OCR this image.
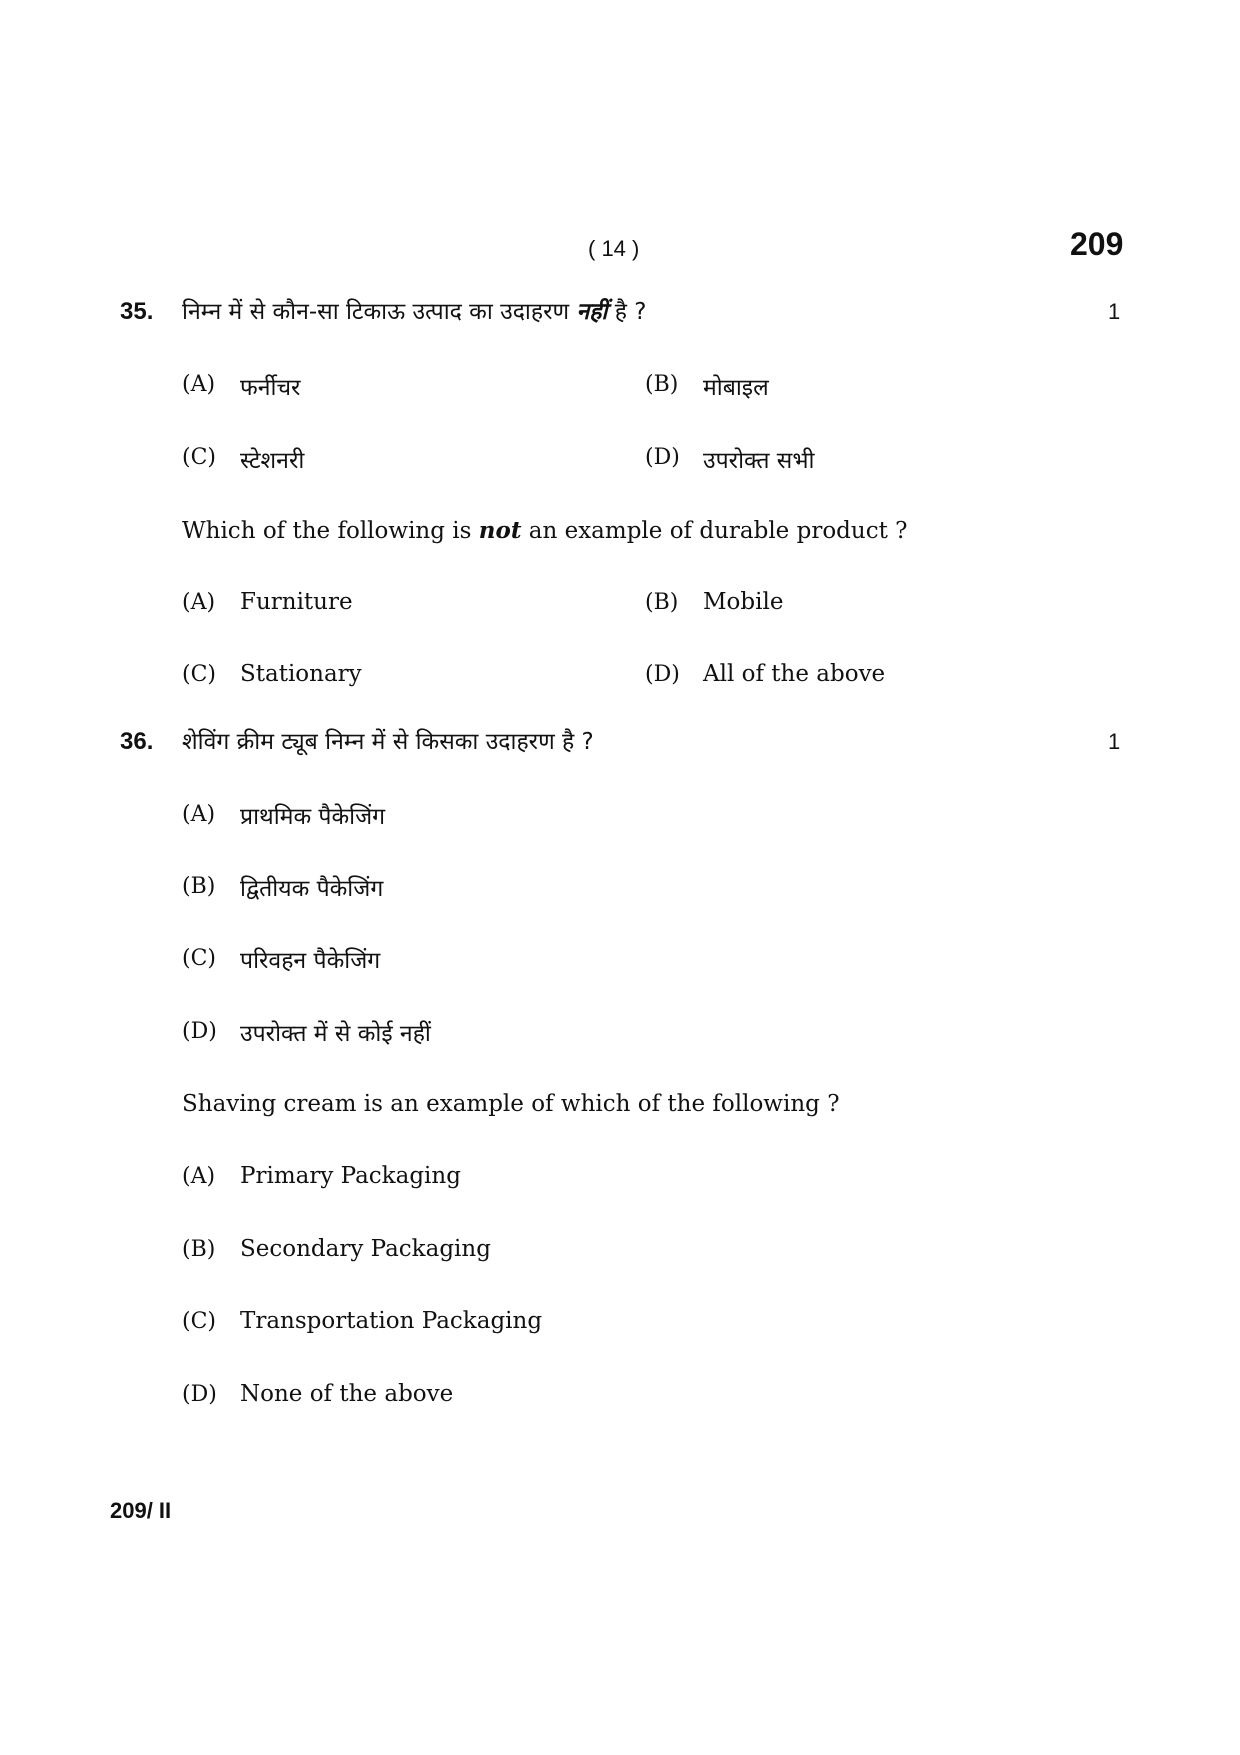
( 14 )	209
35. निम्न में से कौन-सा टिकाऊ उत्पाद का उदाहरण नहीं है ?	1
(A) फर्नीचर	(B) मोबाइल
(C) स्टेशनरी	(D) उपरोक्त सभी
Which of the following is not an example of durable product ?
(A) Furniture	(B) Mobile
(C) Stationary	(D) All of the above
36. शेविंग क्रीम ट्यूब निम्न में से किसका उदाहरण है ?	1
(A) प्राथमिक पैकेजिंग
(B) द्वितीयक पैकेजिंग
(C) परिवहन पैकेजिंग
(D) उपरोक्त में से कोई नहीं
Shaving cream is an example of which of the following ?
(A) Primary Packaging
(B) Secondary Packaging
(C) Transportation Packaging
(D) None of the above
209/ II
